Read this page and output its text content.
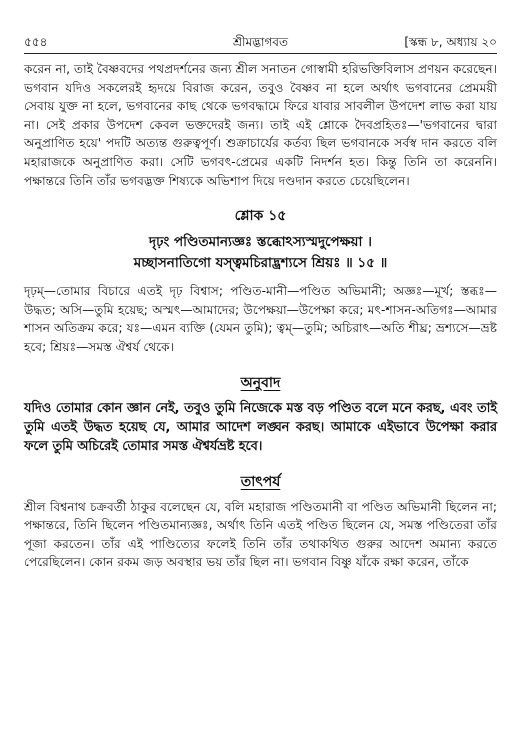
৫৫৪	শ্রীমদ্ভাগবত	[স্কন্ধ ৮, অধ্যায় ২০

করেন না, তাই বৈষ্ণবদের পথপ্রদর্শনের জন্য শ্রীল সনাতন গোস্বামী হরিভক্তিবিলাস প্রণয়ন করেছেন। ভগবান যদিও সকলেরই হৃদয়ে বিরাজ করেন, তবুও বৈষ্ণব না হলে অর্থাৎ ভগবানের প্রেমময়ী সেবায় যুক্ত না হলে, ভগবানের কাছ থেকে ভগবদ্ধামে ফিরে যাবার সাবলীল উপদেশ লাভ করা যায় না। সেই প্রকার উপদেশ কেবল ভক্তদেরই জন্য। তাই এই শ্লোকে দৈবপ্রহিতঃ—'ভগবানের দ্বারা অনুপ্রাণিত হয়ে' পদটি অত্যন্ত গুরুত্বপূর্ণ। শুক্রাচার্যের কর্তব্য ছিল ভগবানকে সর্বস্ব দান করতে বলি মহারাজকে অনুপ্রাণিত করা। সেটি ভগবৎ-প্রেমের একটি নিদর্শন হত। কিন্তু তিনি তা করেননি। পক্ষান্তরে তিনি তাঁর ভগবদ্ভক্ত শিষ্যকে অভিশাপ দিয়ে দণ্ডদান করতে চেয়েছিলেন।

শ্লোক ১৫
দৃঢ়ং পণ্ডিতমান্যজ্ঞঃ স্তব্ধোঽস্যস্মদুপেক্ষয়া ।
মচ্ছাসনাতিগো যস্ত্বমচিরাদ্ভ্রশ্যসে শ্রিয়ঃ ॥ ১৫ ॥

দৃঢ়ম্—তোমার বিচারে এতই দৃঢ় বিশ্বাস; পণ্ডিত-মানী—পণ্ডিত অভিমানী; অজ্ঞঃ—মূর্খ; স্তব্ধঃ—উদ্ধত; অসি—তুমি হয়েছ; অস্মৎ—আমাদের; উপেক্ষয়া—উপেক্ষা করে; মৎ-শাসন-অতিগঃ—আমার শাসন অতিক্রম করে; যঃ—এমন ব্যক্তি (যেমন তুমি); ত্বম্—তুমি; অচিরাৎ—অতি শীঘ্র; ভ্রশ্যসে—ভ্রষ্ট হবে; শ্রিয়ঃ—সমস্ত ঐশ্বর্য থেকে।

অনুবাদ

যদিও তোমার কোন জ্ঞান নেই, তবুও তুমি নিজেকে মস্ত বড় পণ্ডিত বলে মনে করছ, এবং তাই তুমি এতই উদ্ধত হয়েছ যে, আমার আদেশ লঙ্ঘন করছ। আমাকে এইভাবে উপেক্ষা করার ফলে তুমি অচিরেই তোমার সমস্ত ঐশ্বর্যভ্রষ্ট হবে।

তাৎপর্য

শ্রীল বিশ্বনাথ চক্রবর্তী ঠাকুর বলেছেন যে, বলি মহারাজ পণ্ডিতমানী বা পণ্ডিত অভিমানী ছিলেন না; পক্ষান্তরে, তিনি ছিলেন পণ্ডিতমান্যজ্ঞঃ, অর্থাৎ তিনি এতই পণ্ডিত ছিলেন যে, সমস্ত পণ্ডিতেরা তাঁর পূজা করতেন। তাঁর এই পাণ্ডিত্যের ফলেই তিনি তাঁর তথাকথিত গুরুর আদেশ অমান্য করতে পেরেছিলেন। কোন রকম জড় অবস্থার ভয় তাঁর ছিল না। ভগবান বিষ্ণু যাঁকে রক্ষা করেন, তাঁকে
